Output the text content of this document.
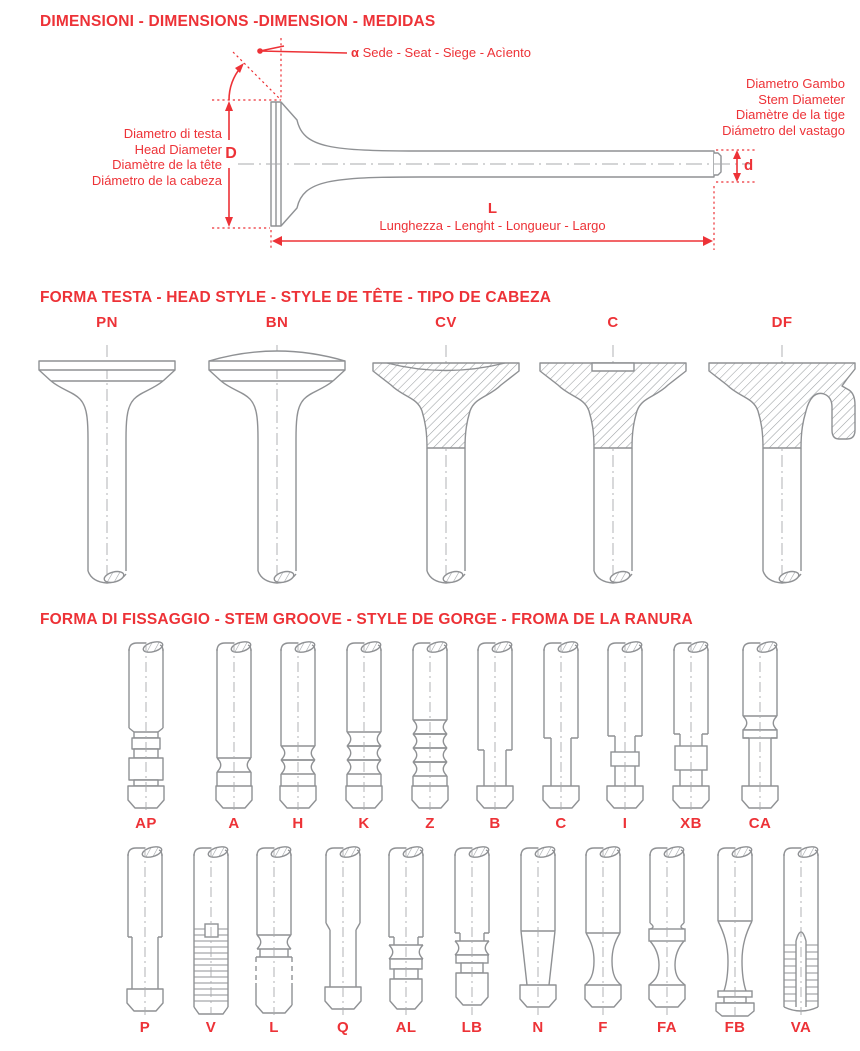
DIMENSIONI - DIMENSIONS -DIMENSION - MEDIDAS
α Sede - Seat - Siege - Acìento
Diametro Gambo
Stem Diameter
Diamètre de la tige
Diámetro del vastago
d
Diametro di testa
Head Diameter
Diamètre de la tête
Diámetro de la cabeza
D
L
Lunghezza - Lenght - Longueur - Largo
FORMA TESTA - HEAD STYLE - STYLE DE TÊTE - TIPO DE CABEZA
PN	BN	CV	C	DF
FORMA DI FISSAGGIO - STEM GROOVE - STYLE DE GORGE - FROMA DE LA RANURA
AP	A	H	K	Z	B	C	I	XB	CA
P	V	L	Q	AL	LB	N	F	FA	FB	VA
